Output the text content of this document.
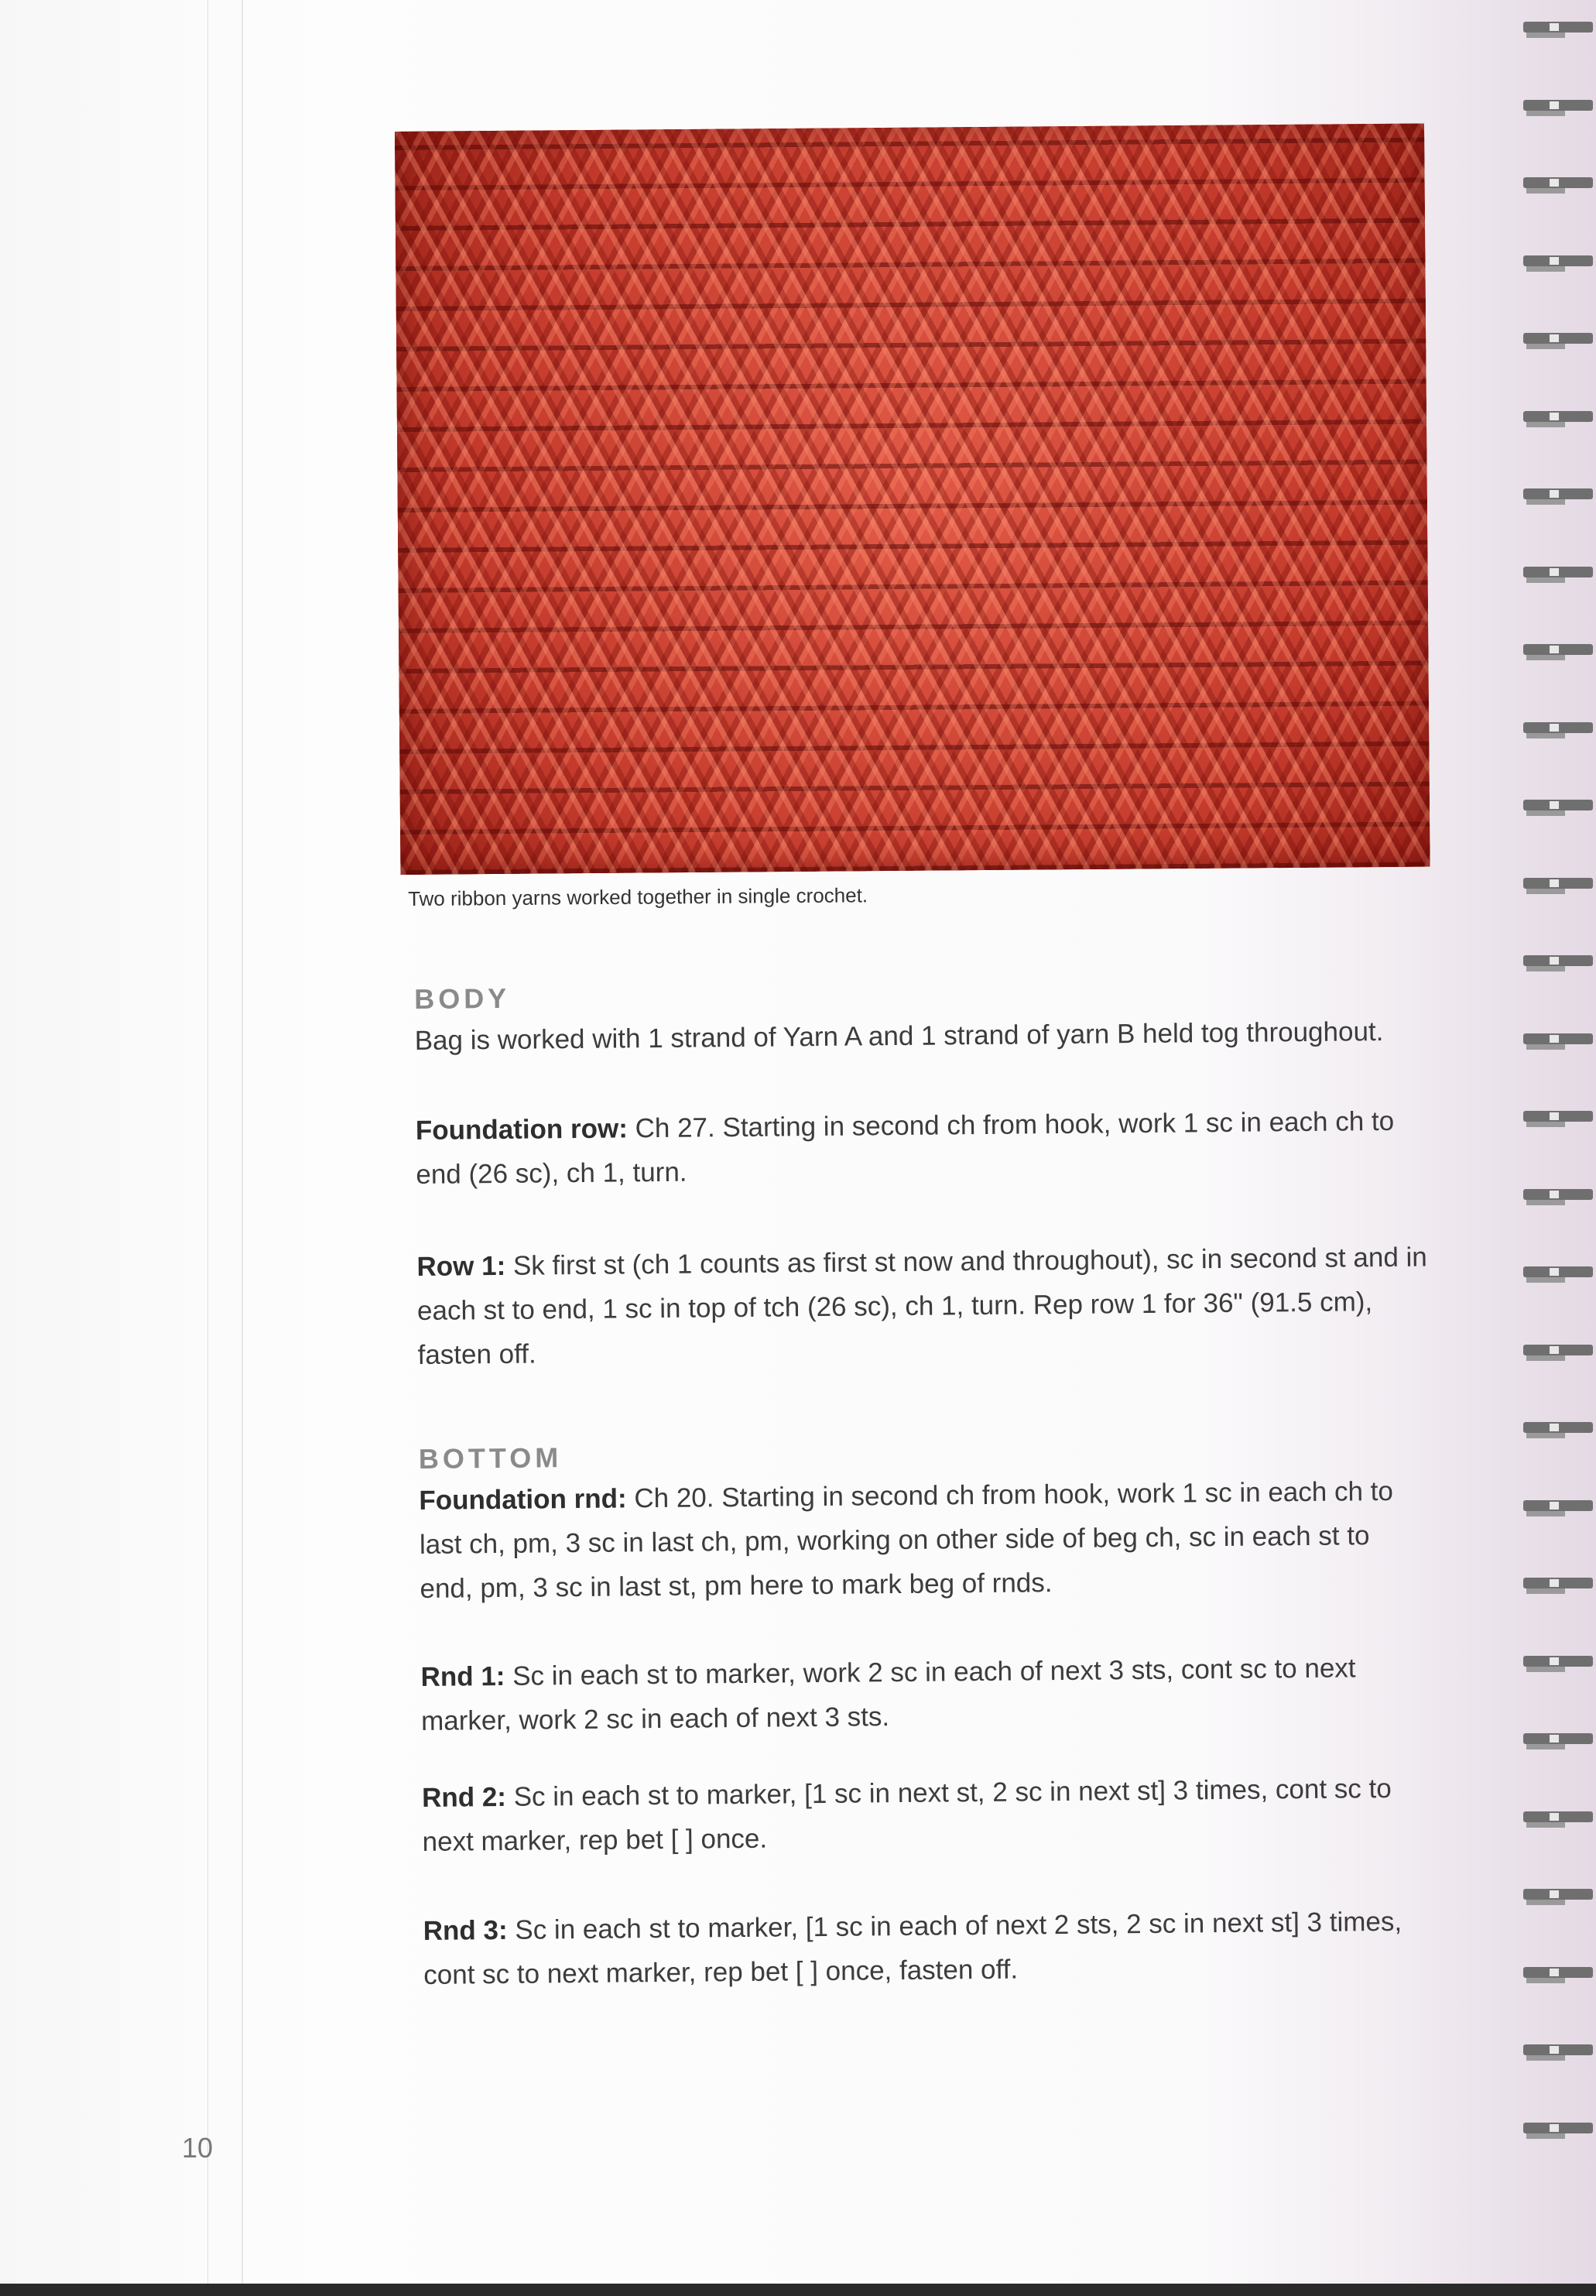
Two ribbon yarns worked together in single crochet.
BODY

Bag is worked with 1 strand of Yarn A and 1 strand of yarn B held tog throughout.

Foundation row: Ch 27. Starting in second ch from hook, work 1 sc in each ch to end (26 sc), ch 1, turn.

Row 1: Sk first st (ch 1 counts as first st now and throughout), sc in second st and in each st to end, 1 sc in top of tch (26 sc), ch 1, turn. Rep row 1 for 36" (91.5 cm), fasten off.

BOTTOM

Foundation rnd: Ch 20. Starting in second ch from hook, work 1 sc in each ch to last ch, pm, 3 sc in last ch, pm, working on other side of beg ch, sc in each st to end, pm, 3 sc in last st, pm here to mark beg of rnds.

Rnd 1: Sc in each st to marker, work 2 sc in each of next 3 sts, cont sc to next marker, work 2 sc in each of next 3 sts.

Rnd 2: Sc in each st to marker, [1 sc in next st, 2 sc in next st] 3 times, cont sc to next marker, rep bet [ ] once.

Rnd 3: Sc in each st to marker, [1 sc in each of next 2 sts, 2 sc in next st] 3 times, cont sc to next marker, rep bet [ ] once, fasten off.

10
